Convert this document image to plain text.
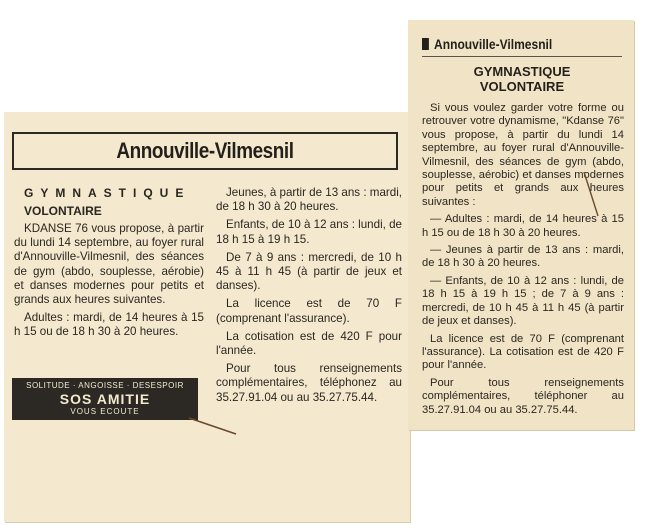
Annouville-Vilmesnil

GYMNASTIQUE

VOLONTAIRE

KDANSE 76 vous propose, à partir du lundi 14 septembre, au foyer rural d'Annouville-Vilmesnil, des séances de gym (abdo, souplesse, aérobie) et danses modernes pour petits et grands aux heures suivantes.

Adultes : mardi, de 14 heures à 15 h 15 ou de 18 h 30 à 20 heures.

SOLITUDE · ANGOISSE · DESESPOIR
SOS AMITIE
VOUS ECOUTE

Jeunes, à partir de 13 ans : mardi, de 18 h 30 à 20 heures.

Enfants, de 10 à 12 ans : lundi, de 18 h 15 à 19 h 15.

De 7 à 9 ans : mercredi, de 10 h 45 à 11 h 45 (à partir de jeux et danses).

La licence est de 70 F (comprenant l'assurance).

La cotisation est de 420 F pour l'année.

Pour tous renseignements complémentaires, téléphonez au 35.27.91.04 ou au 35.27.75.44.

Annouville-Vilmesnil
GYMNASTIQUE
VOLONTAIRE

Si vous voulez garder votre forme ou retrouver votre dynamisme, "Kdanse 76" vous propose, à partir du lundi 14 septembre, au foyer rural d'Annouville-Vilmesnil, des séances de gym (abdo, souplesse, aérobic) et danses modernes pour petits et grands aux heures suivantes :

— Adultes : mardi, de 14 heures à 15 h 15 ou de 18 h 30 à 20 heures.

— Jeunes à partir de 13 ans : mardi, de 18 h 30 à 20 heures.

— Enfants, de 10 à 12 ans : lundi, de 18 h 15 à 19 h 15 ; de 7 à 9 ans : mercredi, de 10 h 45 à 11 h 45 (à partir de jeux et danses).

La licence est de 70 F (comprenant l'assurance). La cotisation est de 420 F pour l'année.

Pour tous renseignements complémentaires, téléphoner au 35.27.91.04 ou au 35.27.75.44.
